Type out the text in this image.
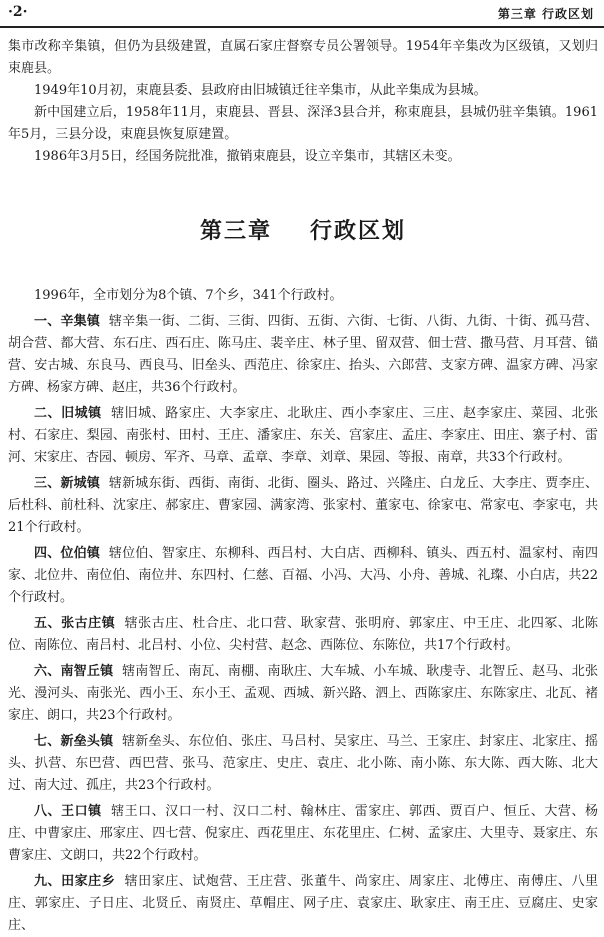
·2·	第三章 行政区划

集市改称辛集镇，但仍为县级建置，直属石家庄督察专员公署领导。1954年辛集改为区级镇，又划归束鹿县。

1949年10月初，束鹿县委、县政府由旧城镇迁往辛集市，从此辛集成为县城。

新中国建立后，1958年11月，束鹿县、晋县、深泽3县合并，称束鹿县，县城仍驻辛集镇。1961年5月，三县分设，束鹿县恢复原建置。

1986年3月5日，经国务院批准，撤销束鹿县，设立辛集市，其辖区未变。

第三章 行政区划

1996年，全市划分为8个镇、7个乡，341个行政村。

一、辛集镇 辖辛集一街、二街、三街、四街、五街、六街、七街、八街、九街、十街、孤马营、胡合营、都大营、东石庄、西石庄、陈马庄、裴辛庄、林子里、留双营、佃士营、撒马营、月耳营、锚营、安古城、东良马、西良马、旧垒头、西范庄、徐家庄、抬头、六郎营、支家方碑、温家方碑、冯家方碑、杨家方碑、赵庄，共36个行政村。

二、旧城镇 辖旧城、路家庄、大李家庄、北耿庄、西小李家庄、三庄、赵李家庄、菜园、北张村、石家庄、梨园、南张村、田村、王庄、潘家庄、东关、宫家庄、孟庄、李家庄、田庄、寨子村、雷河、宋家庄、杏园、顿房、军齐、马章、孟章、李章、刘章、果园、等报、南章，共33个行政村。

三、新城镇 辖新城东街、西街、南街、北街、圈头、路过、兴隆庄、白龙丘、大李庄、贾李庄、后杜科、前杜科、沈家庄、郝家庄、曹家园、满家湾、张家村、董家屯、徐家屯、常家屯、李家屯，共21个行政村。

四、位伯镇 辖位伯、智家庄、东柳科、西吕村、大白店、西柳科、镇头、西五村、温家村、南四家、北位井、南位伯、南位井、东四村、仁慈、百福、小冯、大冯、小舟、善城、礼璨、小白店，共22个行政村。

五、张古庄镇 辖张古庄、杜合庄、北口营、耿家营、张明府、郭家庄、中王庄、北四冢、北陈位、南陈位、南吕村、北吕村、小位、尖村营、赵念、西陈位、东陈位，共17个行政村。

六、南智丘镇 辖南智丘、南瓦、南棚、南耿庄、大车城、小车城、耿虔寺、北智丘、赵马、北张光、漫河头、南张光、西小王、东小王、孟观、西城、新兴路、泗上、西陈家庄、东陈家庄、北瓦、褚家庄、朗口，共23个行政村。

七、新垒头镇 辖新垒头、东位伯、张庄、马吕村、吴家庄、马兰、王家庄、封家庄、北家庄、摇头、扒营、东巴营、西巴营、张马、范家庄、史庄、袁庄、北小陈、南小陈、东大陈、西大陈、北大过、南大过、孤庄，共23个行政村。

八、王口镇 辖王口、汉口一村、汉口二村、翰林庄、雷家庄、郭西、贾百户、恒丘、大营、杨庄、中曹家庄、邢家庄、四七营、倪家庄、西花里庄、东花里庄、仁树、孟家庄、大里寺、聂家庄、东曹家庄、文朗口，共22个行政村。

九、田家庄乡 辖田家庄、试炮营、王庄营、张董牛、尚家庄、周家庄、北傅庄、南傅庄、八里庄、郭家庄、子日庄、北贤丘、南贤庄、草帽庄、网子庄、袁家庄、耿家庄、南王庄、豆腐庄、史家庄、
